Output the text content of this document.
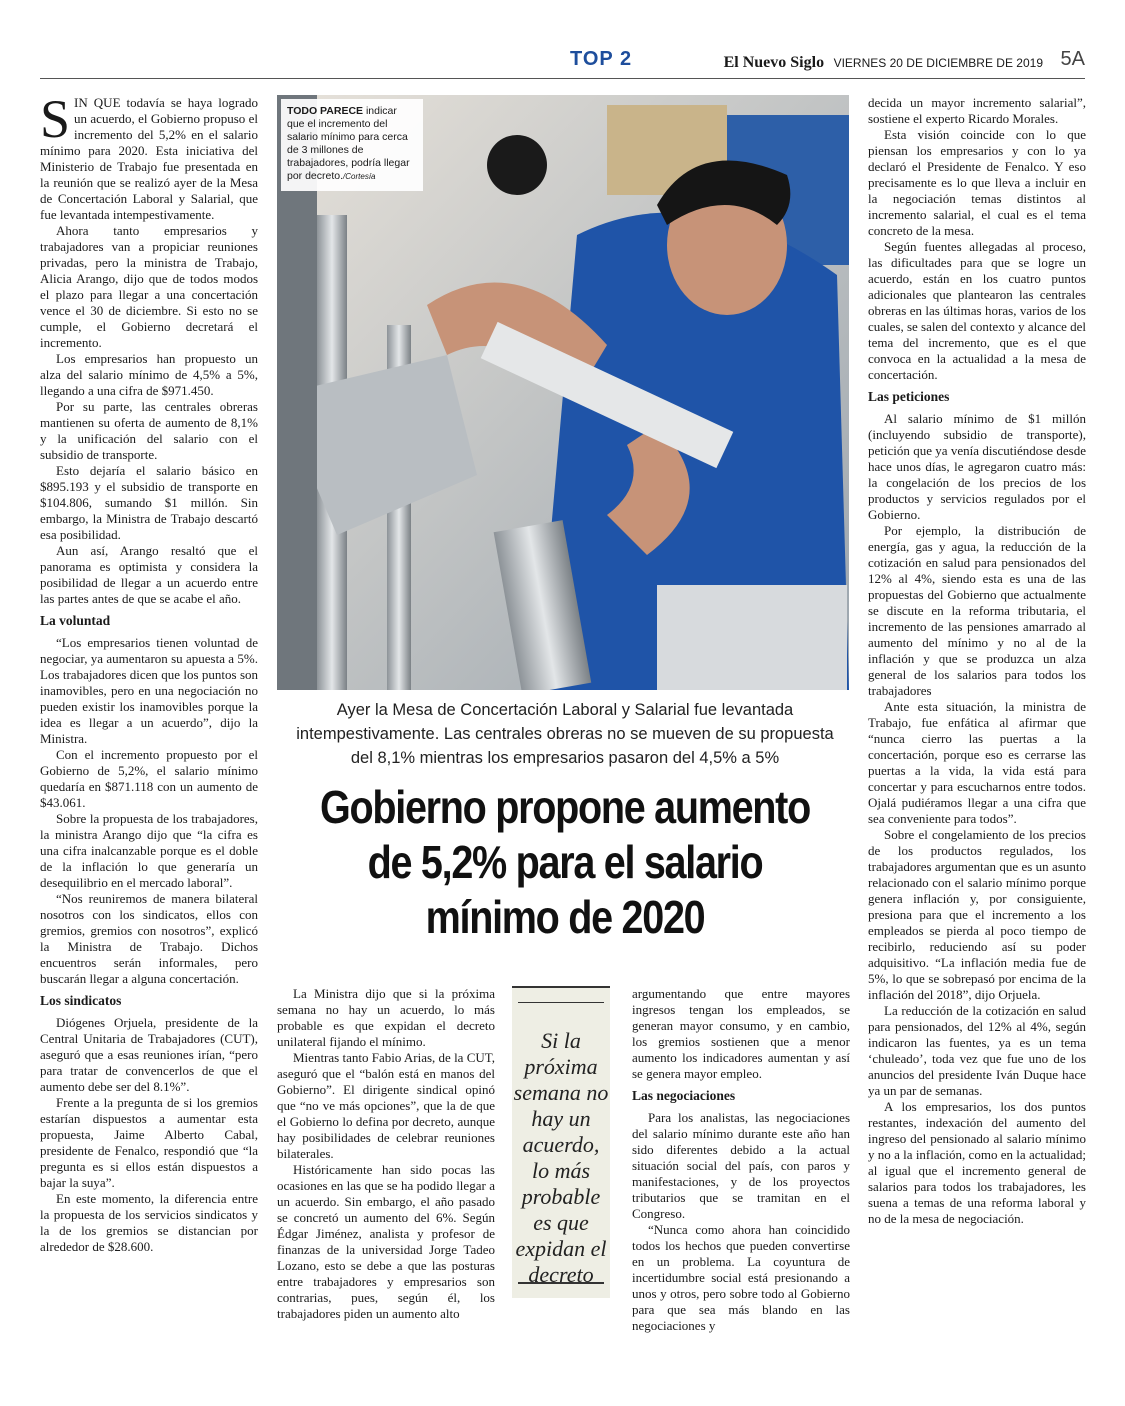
TOP 2	El Nuevo Siglo VIERNES 20 DE DICIEMBRE DE 2019 5A

SIN QUE todavía se haya logrado un acuerdo, el Gobierno propuso el incremento del 5,2% en el salario mínimo para 2020. Esta iniciativa del Ministerio de Trabajo fue presentada en la reunión que se realizó ayer de la Mesa de Concertación Laboral y Salarial, que fue levantada intempestivamente.

Ahora tanto empresarios y trabajadores van a propiciar reuniones privadas, pero la ministra de Trabajo, Alicia Arango, dijo que de todos modos el plazo para llegar a una concertación vence el 30 de diciembre. Si esto no se cumple, el Gobierno decretará el incremento.

Los empresarios han propuesto un alza del salario mínimo de 4,5% a 5%, llegando a una cifra de $971.450.

Por su parte, las centrales obreras mantienen su oferta de aumento de 8,1% y la unificación del salario con el subsidio de transporte.

Esto dejaría el salario básico en $895.193 y el subsidio de transporte en $104.806, sumando $1 millón. Sin embargo, la Ministra de Trabajo descartó esa posibilidad.

Aun así, Arango resaltó que el panorama es optimista y considera la posibilidad de llegar a un acuerdo entre las partes antes de que se acabe el año.

La voluntad

“Los empresarios tienen voluntad de negociar, ya aumentaron su apuesta a 5%. Los trabajadores dicen que los puntos son inamovibles, pero en una negociación no pueden existir los inamovibles porque la idea es llegar a un acuerdo”, dijo la Ministra.

Con el incremento propuesto por el Gobierno de 5,2%, el salario mínimo quedaría en $871.118 con un aumento de $43.061.

Sobre la propuesta de los trabajadores, la ministra Arango dijo que “la cifra es una cifra inalcanzable porque es el doble de la inflación lo que generaría un desequilibrio en el mercado laboral”.

“Nos reuniremos de manera bilateral nosotros con los sindicatos, ellos con gremios, gremios con nosotros”, explicó la Ministra de Trabajo. Dichos encuentros serán informales, pero buscarán llegar a alguna concertación.

Los sindicatos

Diógenes Orjuela, presidente de la Central Unitaria de Trabajadores (CUT), aseguró que a esas reuniones irían, “pero para tratar de convencerlos de que el aumento debe ser del 8.1%”.

Frente a la pregunta de si los gremios estarían dispuestos a aumentar esta propuesta, Jaime Alberto Cabal, presidente de Fenalco, respondió que “la pregunta es si ellos están dispuestos a bajar la suya”.

En este momento, la diferencia entre la propuesta de los servicios sindicatos y la de los gremios se distancian por alrededor de $28.600.

TODO PARECE indicar que el incremento del salario mínimo para cerca de 3 millones de trabajadores, podría llegar por decreto./Cortesía
Ayer la Mesa de Concertación Laboral y Salarial fue levantada intempestivamente. Las centrales obreras no se mueven de su propuesta del 8,1% mientras los empresarios pasaron del 4,5% a 5%
Gobierno propone aumento de 5,2% para el salario mínimo de 2020

La Ministra dijo que si la próxima semana no hay un acuerdo, lo más probable es que expidan el decreto unilateral fijando el mínimo.

Mientras tanto Fabio Arias, de la CUT, aseguró que el “balón está en manos del Gobierno”. El dirigente sindical opinó que “no ve más opciones”, que la de que el Gobierno lo defina por decreto, aunque hay posibilidades de celebrar reuniones bilaterales.

Históricamente han sido pocas las ocasiones en las que se ha podido llegar a un acuerdo. Sin embargo, el año pasado se concretó un aumento del 6%. Según Édgar Jiménez, analista y profesor de finanzas de la universidad Jorge Tadeo Lozano, esto se debe a que las posturas entre trabajadores y empresarios son contrarias, pues, según él, los trabajadores piden un aumento alto

Si la próxima semana no hay un acuerdo, lo más probable es que expidan el decreto

argumentando que entre mayores ingresos tengan los empleados, se generan mayor consumo, y en cambio, los gremios sostienen que a menor aumento los indicadores aumentan y así se genera mayor empleo.

Las negociaciones

Para los analistas, las negociaciones del salario mínimo durante este año han sido diferentes debido a la actual situación social del país, con paros y manifestaciones, y de los proyectos tributarios que se tramitan en el Congreso.

“Nunca como ahora han coincidido todos los hechos que pueden convertirse en un problema. La coyuntura de incertidumbre social está presionando a unos y otros, pero sobre todo al Gobierno para que sea más blando en las negociaciones y

decida un mayor incremento salarial”, sostiene el experto Ricardo Morales.

Esta visión coincide con lo que piensan los empresarios y con lo ya declaró el Presidente de Fenalco. Y eso precisamente es lo que lleva a incluir en la negociación temas distintos al incremento salarial, el cual es el tema concreto de la mesa.

Según fuentes allegadas al proceso, las dificultades para que se logre un acuerdo, están en los cuatro puntos adicionales que plantearon las centrales obreras en las últimas horas, varios de los cuales, se salen del contexto y alcance del tema del incremento, que es el que convoca en la actualidad a la mesa de concertación.

Las peticiones

Al salario mínimo de $1 millón (incluyendo subsidio de transporte), petición que ya venía discutiéndose desde hace unos días, le agregaron cuatro más: la congelación de los precios de los productos y servicios regulados por el Gobierno.

Por ejemplo, la distribución de energía, gas y agua, la reducción de la cotización en salud para pensionados del 12% al 4%, siendo esta es una de las propuestas del Gobierno que actualmente se discute en la reforma tributaria, el incremento de las pensiones amarrado al aumento del mínimo y no al de la inflación y que se produzca un alza general de los salarios para todos los trabajadores

Ante esta situación, la ministra de Trabajo, fue enfática al afirmar que “nunca cierro las puertas a la concertación, porque eso es cerrarse las puertas a la vida, la vida está para concertar y para escucharnos entre todos. Ojalá pudiéramos llegar a una cifra que sea conveniente para todos”.

Sobre el congelamiento de los precios de los productos regulados, los trabajadores argumentan que es un asunto relacionado con el salario mínimo porque genera inflación y, por consiguiente, presiona para que el incremento a los empleados se pierda al poco tiempo de recibirlo, reduciendo así su poder adquisitivo. “La inflación media fue de 5%, lo que se sobrepasó por encima de la inflación del 2018”, dijo Orjuela.

La reducción de la cotización en salud para pensionados, del 12% al 4%, según indicaron las fuentes, ya es un tema ‘chuleado’, toda vez que fue uno de los anuncios del presidente Iván Duque hace ya un par de semanas.

A los empresarios, los dos puntos restantes, indexación del aumento del ingreso del pensionado al salario mínimo y no a la inflación, como en la actualidad; al igual que el incremento general de salarios para todos los trabajadores, les suena a temas de una reforma laboral y no de la mesa de negociación.
